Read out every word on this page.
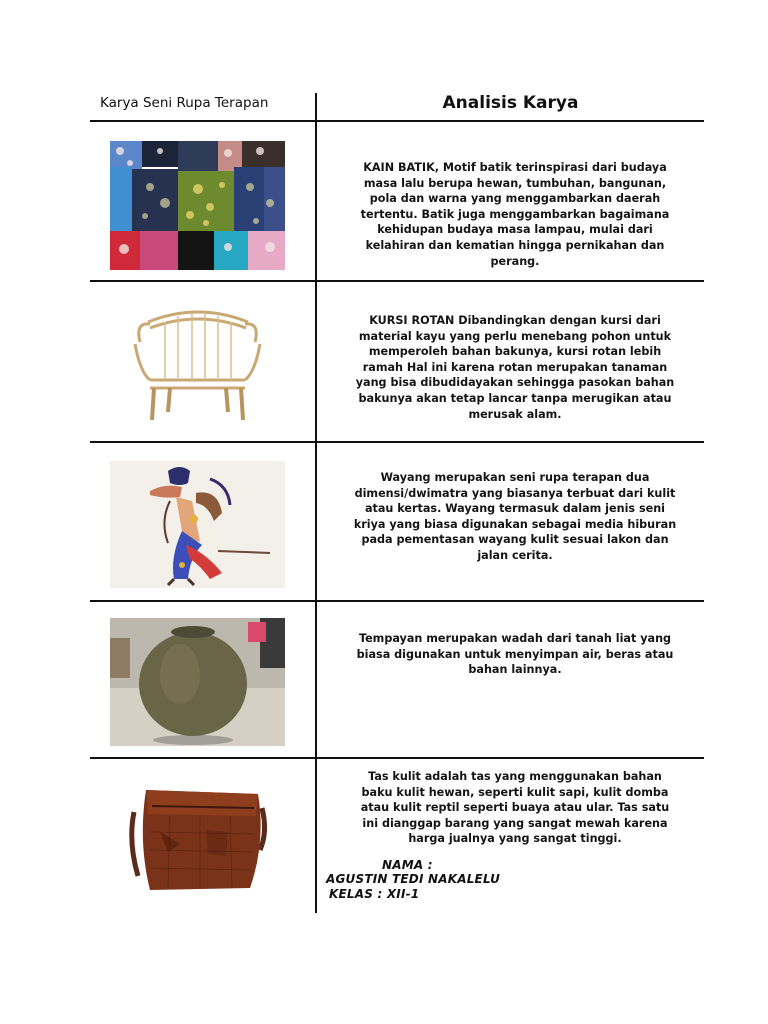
Karya Seni Rupa Terapan	Analisis Karya
KAIN BATIK, Motif batik terinspirasi dari budaya
masa lalu berupa hewan, tumbuhan, bangunan,
pola dan warna yang menggambarkan daerah
tertentu. Batik juga menggambarkan bagaimana
kehidupan budaya masa lampau, mulai dari
kelahiran dan kematian hingga pernikahan dan
perang.
KURSI ROTAN Dibandingkan dengan kursi dari
material kayu yang perlu menebang pohon untuk
memperoleh bahan bakunya, kursi rotan lebih
ramah Hal ini karena rotan merupakan tanaman
yang bisa dibudidayakan sehingga pasokan bahan
bakunya akan tetap lancar tanpa merugikan atau
merusak alam.
Wayang merupakan seni rupa terapan dua
dimensi/dwimatra yang biasanya terbuat dari kulit
atau kertas. Wayang termasuk dalam jenis seni
kriya yang biasa digunakan sebagai media hiburan
pada pementasan wayang kulit sesuai lakon dan
jalan cerita.
Tempayan merupakan wadah dari tanah liat yang
biasa digunakan untuk menyimpan air, beras atau
bahan lainnya.
Tas kulit adalah tas yang menggunakan bahan
baku kulit hewan, seperti kulit sapi, kulit domba
atau kulit reptil seperti buaya atau ular. Tas satu
ini dianggap barang yang sangat mewah karena
harga jualnya yang sangat tinggi.
NAMA :
AGUSTIN TEDI NAKALELU
KELAS : XII-1
